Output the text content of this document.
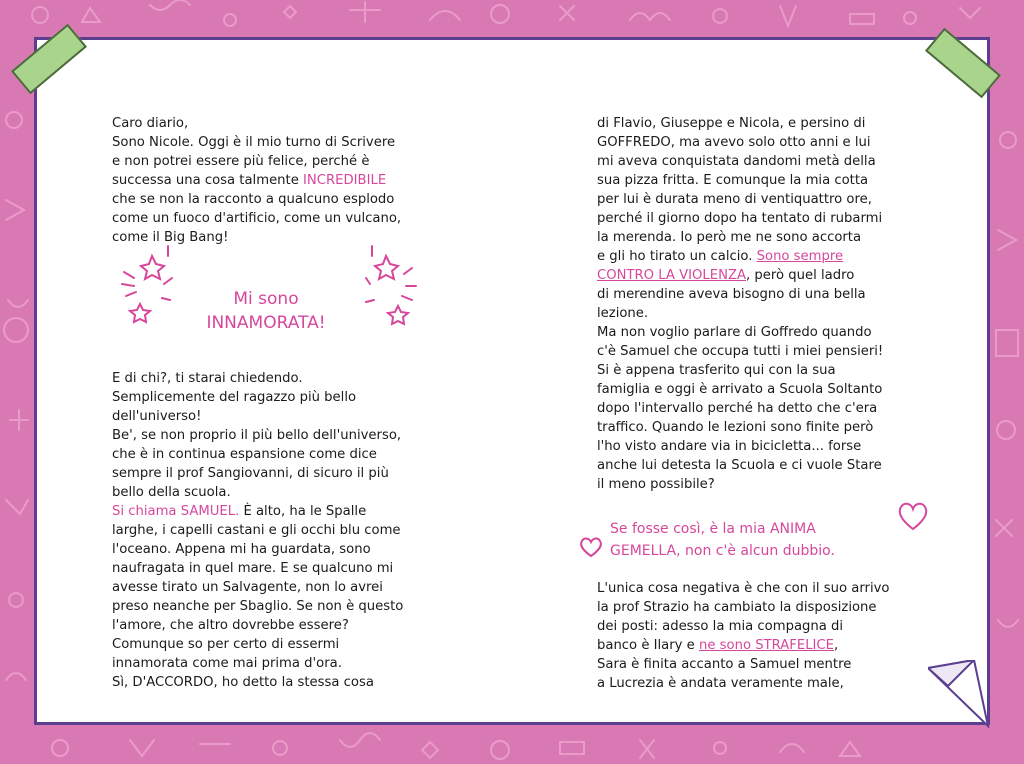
Caro diario,
Sono Nicole. Oggi è il mio turno di Scrivere
e non potrei essere più felice, perché è
successa una cosa talmente INCREDIBILE
che se non la racconto a qualcuno esplodo
come un fuoco d'artificio, come un vulcano,
come il Big Bang!

Mi sono
INNAMORATA!

E di chi?, ti starai chiedendo.
Semplicemente del ragazzo più bello
dell'universo!
Be', se non proprio il più bello dell'universo,
che è in continua espansione come dice
sempre il prof Sangiovanni, di sicuro il più
bello della scuola.
Si chiama SAMUEL. È alto, ha le Spalle
larghe, i capelli castani e gli occhi blu come
l'oceano. Appena mi ha guardata, sono
naufragata in quel mare. E se qualcuno mi
avesse tirato un Salvagente, non lo avrei
preso neanche per Sbaglio. Se non è questo
l'amore, che altro dovrebbe essere?
Comunque so per certo di essermi
innamorata come mai prima d'ora.
Sì, D'ACCORDO, ho detto la stessa cosa

di Flavio, Giuseppe e Nicola, e persino di
GOFFREDO, ma avevo solo otto anni e lui
mi aveva conquistata dandomi metà della
sua pizza fritta. E comunque la mia cotta
per lui è durata meno di ventiquattro ore,
perché il giorno dopo ha tentato di rubarmi
la merenda. Io però me ne sono accorta
e gli ho tirato un calcio. Sono sempre
CONTRO LA VIOLENZA, però quel ladro
di merendine aveva bisogno di una bella
lezione.
Ma non voglio parlare di Goffredo quando
c'è Samuel che occupa tutti i miei pensieri!
Si è appena trasferito qui con la sua
famiglia e oggi è arrivato a Scuola Soltanto
dopo l'intervallo perché ha detto che c'era
traffico. Quando le lezioni sono finite però
l'ho visto andare via in bicicletta... forse
anche lui detesta la Scuola e ci vuole Stare
il meno possibile?

Se fosse così, è la mia ANIMA
GEMELLA, non c'è alcun dubbio.

L'unica cosa negativa è che con il suo arrivo
la prof Strazio ha cambiato la disposizione
dei posti: adesso la mia compagna di
banco è Ilary e ne sono STRAFELICE,
Sara è finita accanto a Samuel mentre
a Lucrezia è andata veramente male,
